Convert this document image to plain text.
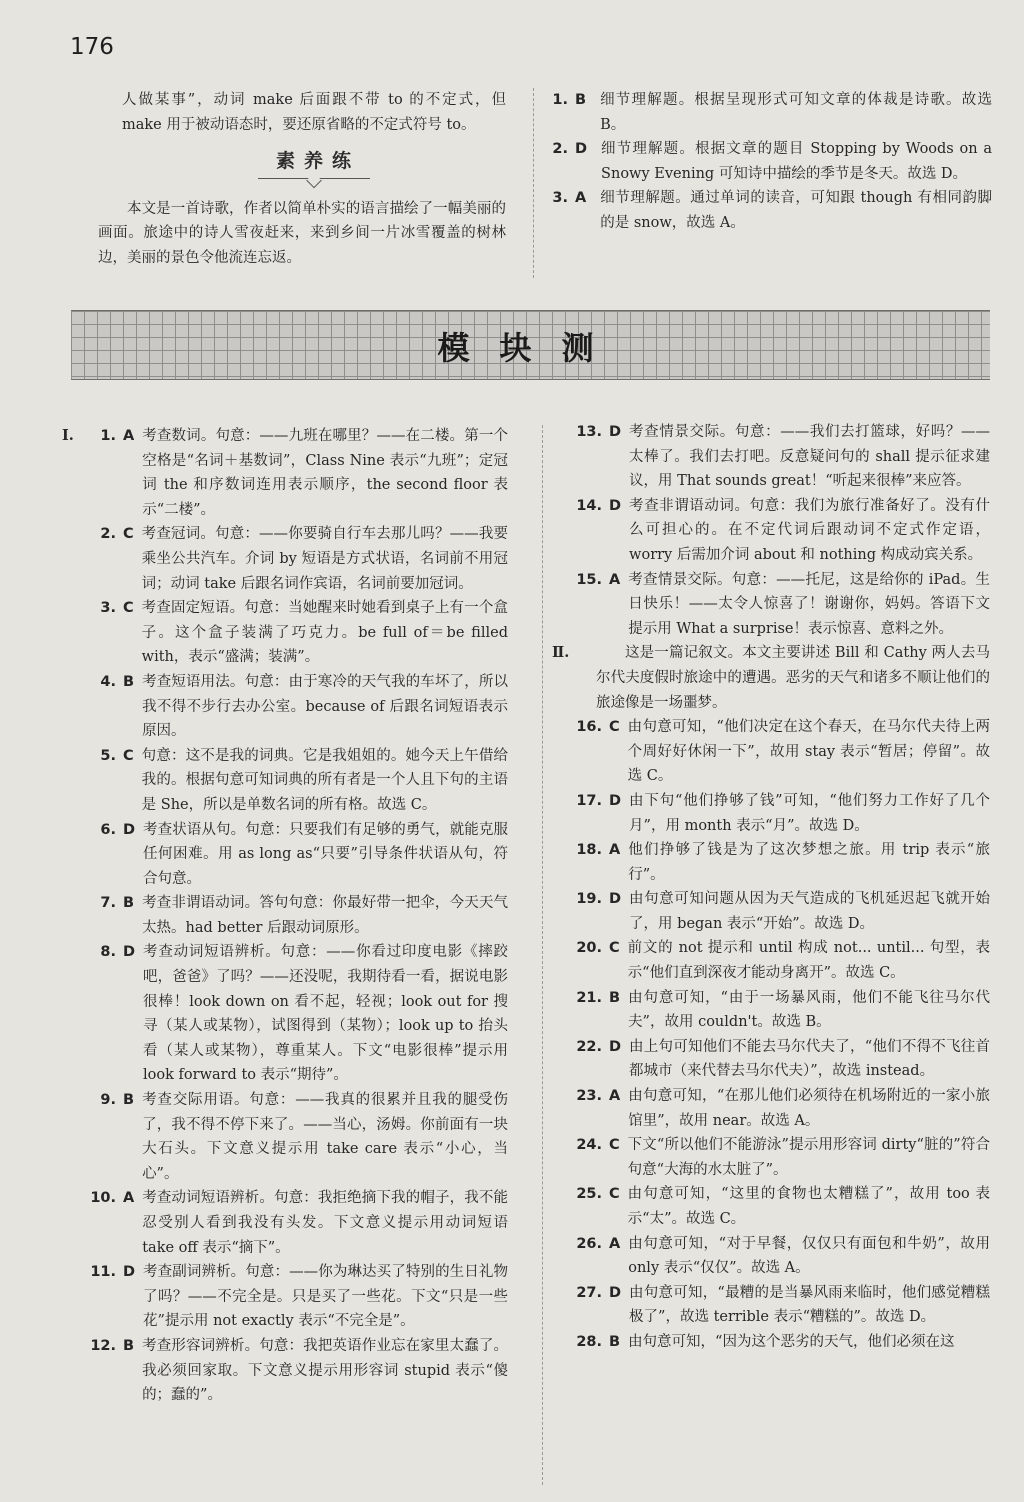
176

人做某事”，动词 make 后面跟不带 to 的不定式，但 make 用于被动语态时，要还原省略的不定式符号 to。

素养练

本文是一首诗歌，作者以简单朴实的语言描绘了一幅美丽的画面。旅途中的诗人雪夜赶来，来到乡间一片冰雪覆盖的树林边，美丽的景色令他流连忘返。

1. B 细节理解题。根据呈现形式可知文章的体裁是诗歌。故选 B。
2. D 细节理解题。根据文章的题目 Stopping by Woods on a Snowy Evening 可知诗中描绘的季节是冬天。故选 D。
3. A 细节理解题。通过单词的读音，可知跟 though 有相同韵脚的是 snow，故选 A。
模块测
Ⅰ.	1. A 考查数词。句意：——九班在哪里？——在二楼。第一个空格是“名词＋基数词”，Class Nine 表示“九班”；定冠词 the 和序数词连用表示顺序，the second floor 表示“二楼”。
2. C 考查冠词。句意：——你要骑自行车去那儿吗？——我要乘坐公共汽车。介词 by 短语是方式状语，名词前不用冠词；动词 take 后跟名词作宾语，名词前要加冠词。
3. C 考查固定短语。句意：当她醒来时她看到桌子上有一个盒子。这个盒子装满了巧克力。be full of＝be filled with，表示“盛满；装满”。
4. B 考查短语用法。句意：由于寒冷的天气我的车坏了，所以我不得不步行去办公室。because of 后跟名词短语表示原因。
5. C 句意：这不是我的词典。它是我姐姐的。她今天上午借给我的。根据句意可知词典的所有者是一个人且下句的主语是 She，所以是单数名词的所有格。故选 C。
6. D 考查状语从句。句意：只要我们有足够的勇气，就能克服任何困难。用 as long as“只要”引导条件状语从句，符合句意。
7. B 考查非谓语动词。答句句意：你最好带一把伞，今天天气太热。had better 后跟动词原形。
8. D 考查动词短语辨析。句意：——你看过印度电影《摔跤吧，爸爸》了吗？——还没呢，我期待看一看，据说电影很棒！look down on 看不起，轻视；look out for 搜寻（某人或某物），试图得到（某物）；look up to 抬头看（某人或某物），尊重某人。下文“电影很棒”提示用 look forward to 表示“期待”。
9. B 考查交际用语。句意：——我真的很累并且我的腿受伤了，我不得不停下来了。——当心，汤姆。你前面有一块大石头。下文意义提示用 take care 表示“小心，当心”。
10. A 考查动词短语辨析。句意：我拒绝摘下我的帽子，我不能忍受别人看到我没有头发。下文意义提示用动词短语 take off 表示“摘下”。
11. D 考查副词辨析。句意：——你为琳达买了特别的生日礼物了吗？——不完全是。只是买了一些花。下文“只是一些花”提示用 not exactly 表示“不完全是”。
12. B 考查形容词辨析。句意：我把英语作业忘在家里太蠢了。我必须回家取。下文意义提示用形容词 stupid 表示“傻的；蠢的”。
13. D 考查情景交际。句意：——我们去打篮球，好吗？——太棒了。我们去打吧。反意疑问句的 shall 提示征求建议，用 That sounds great！“听起来很棒”来应答。
14. D 考查非谓语动词。句意：我们为旅行准备好了。没有什么可担心的。在不定代词后跟动词不定式作定语，worry 后需加介词 about 和 nothing 构成动宾关系。
15. A 考查情景交际。句意：——托尼，这是给你的 iPad。生日快乐！——太令人惊喜了！谢谢你，妈妈。答语下文提示用 What a surprise！表示惊喜、意料之外。
Ⅱ.	这是一篇记叙文。本文主要讲述 Bill 和 Cathy 两人去马尔代夫度假时旅途中的遭遇。恶劣的天气和诸多不顺让他们的旅途像是一场噩梦。
16. C 由句意可知，“他们决定在这个春天，在马尔代夫待上两个周好好休闲一下”，故用 stay 表示“暂居；停留”。故选 C。
17. D 由下句“他们挣够了钱”可知，“他们努力工作好了几个月”，用 month 表示“月”。故选 D。
18. A 他们挣够了钱是为了这次梦想之旅。用 trip 表示“旅行”。
19. D 由句意可知问题从因为天气造成的飞机延迟起飞就开始了，用 began 表示“开始”。故选 D。
20. C 前文的 not 提示和 until 构成 not... until... 句型，表示“他们直到深夜才能动身离开”。故选 C。
21. B 由句意可知，“由于一场暴风雨，他们不能飞往马尔代夫”，故用 couldn't。故选 B。
22. D 由上句可知他们不能去马尔代夫了，“他们不得不飞往首都城市（来代替去马尔代夫）”，故选 instead。
23. A 由句意可知，“在那儿他们必须待在机场附近的一家小旅馆里”，故用 near。故选 A。
24. C 下文“所以他们不能游泳”提示用形容词 dirty“脏的”符合句意“大海的水太脏了”。
25. C 由句意可知，“这里的食物也太糟糕了”，故用 too 表示“太”。故选 C。
26. A 由句意可知，“对于早餐，仅仅只有面包和牛奶”，故用 only 表示“仅仅”。故选 A。
27. D 由句意可知，“最糟的是当暴风雨来临时，他们感觉糟糕极了”，故选 terrible 表示“糟糕的”。故选 D。
28. B 由句意可知，“因为这个恶劣的天气，他们必须在这
